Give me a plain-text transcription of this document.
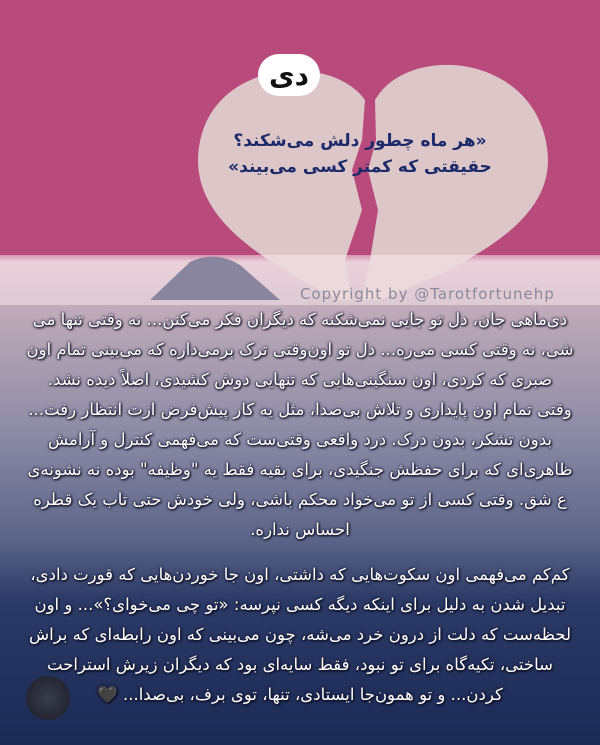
دی
«هر ماه چطور دلش می‌شکند؟
حقیقتی که کمتر کسی می‌بیند»
Copyright by @Tarotfortunehp
دی‌ماهی جان، دل تو جایی نمی‌شکنه که دیگران فکر می‌کنن... نه وقتی تنها می
شی، نه وقتی کسی می‌ره... دل تو اون‌وقتی ترک برمی‌داره که می‌بینی تمام اون
صبری که کردی، اون سنگینی‌هایی که تنهایی دوش کشیدی، اصلاً دیده نشد.
وقتی تمام اون پایداری و تلاش بی‌صدا، مثل یه کار پیش‌فرض ازت انتظار رفت...
بدون تشکر، بدون درک. درد واقعی وقتی‌ست که می‌فهمی کنترل و آرامش
ظاهری‌ای که برای حفظش جنگیدی، برای بقیه فقط یه "وظیفه" بوده نه نشونه‌ی
ع شق. وقتی کسی از تو می‌خواد محکم باشی، ولی خودش حتی تاب یک قطره
احساس نداره.
کم‌کم می‌فهمی اون سکوت‌هایی که داشتی، اون جا خوردن‌هایی که قورت دادی،
تبدیل شدن به دلیل برای اینکه دیگه کسی نپرسه: «تو چی می‌خوای؟»... و اون
لحظه‌ست که دلت از درون خرد می‌شه، چون می‌بینی که اون رابطه‌ای که براش
ساختی، تکیه‌گاه برای تو نبود، فقط سایه‌ای بود که دیگران زیرش استراحت
کردن... و تو همون‌جا ایستادی، تنها، توی برف، بی‌صدا... 🖤
